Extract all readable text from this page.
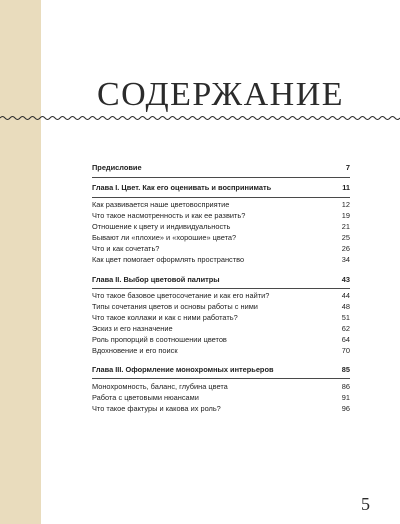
СОДЕРЖАНИЕ
Предисловие	7
Глава I. Цвет. Как его оценивать и воспринимать	11
Как развивается наше цветовосприятие	12
Что такое насмотренность и как ее развить?	19
Отношение к цвету и индивидуальность	21
Бывают ли «плохие» и «хорошие» цвета?	25
Что и как сочетать?	26
Как цвет помогает оформлять пространство	34
Глава II. Выбор цветовой палитры	43
Что такое базовое цветосочетание и как его найти?	44
Типы сочетания цветов и основы работы с ними	48
Что такое коллажи и как с ними работать?	51
Эскиз и его назначение	62
Роль пропорций в соотношении цветов	64
Вдохновение и его поиск	70
Глава III. Оформление монохромных интерьеров	85
Монохромность, баланс, глубина цвета	86
Работа с цветовыми нюансами	91
Что такое фактуры и какова их роль?	96
5
